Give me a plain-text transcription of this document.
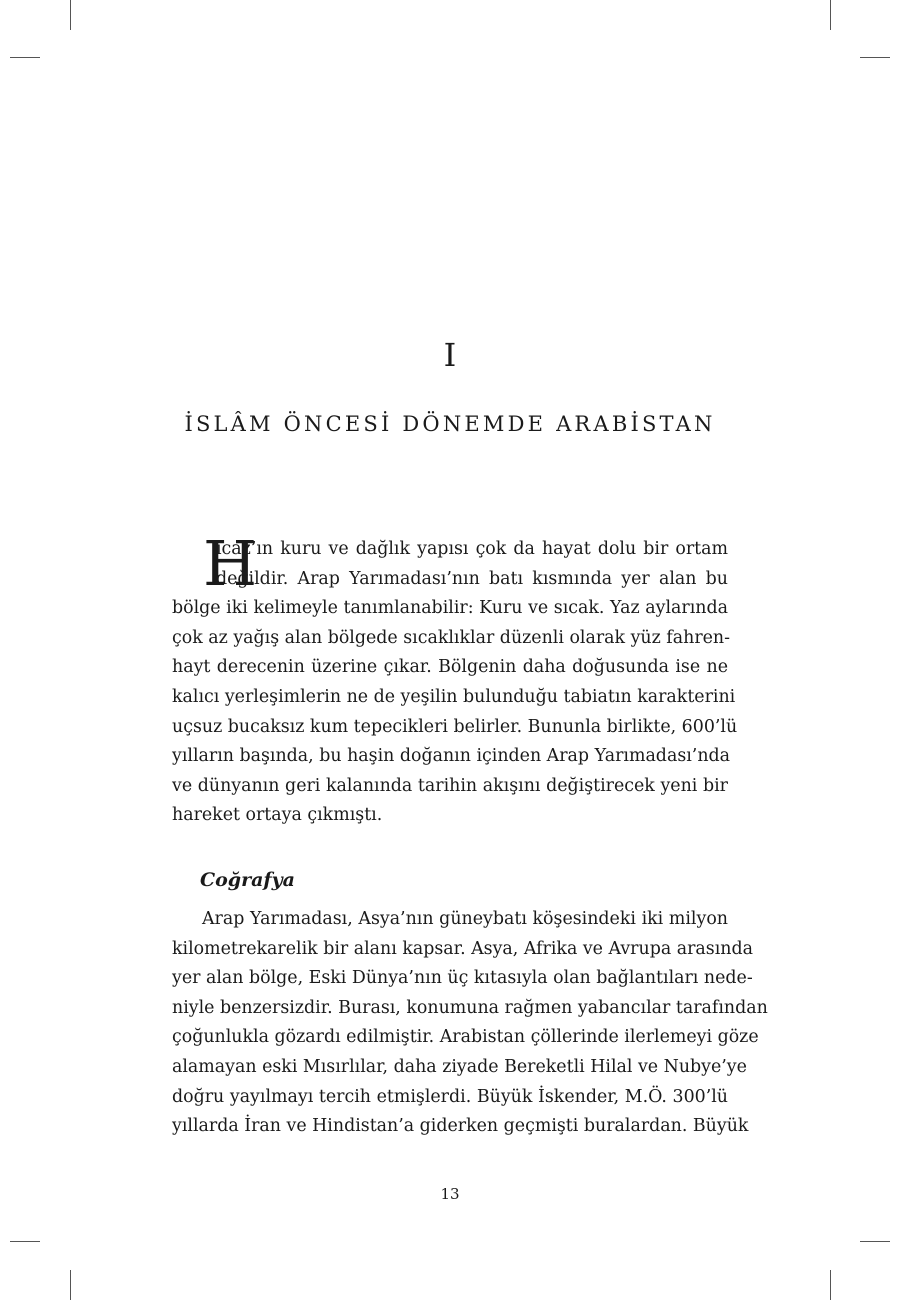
I
İSLÂM ÖNCESİ DÖNEMDE ARABİSTAN
H
icaz’ın kuru ve dağlık yapısı çok da hayat dolu bir ortam
değildir. Arap Yarımadası’nın batı kısmında yer alan bu
bölge iki kelimeyle tanımlanabilir: Kuru ve sıcak. Yaz aylarında
çok az yağış alan bölgede sıcaklıklar düzenli olarak yüz fahren-
hayt derecenin üzerine çıkar. Bölgenin daha doğusunda ise ne
kalıcı yerleşimlerin ne de yeşilin bulunduğu tabiatın karakterini
uçsuz bucaksız kum tepecikleri belirler. Bununla birlikte, 600’lü
yılların başında, bu haşin doğanın içinden Arap Yarımadası’nda
ve dünyanın geri kalanında tarihin akışını değiştirecek yeni bir
hareket ortaya çıkmıştı.
Coğrafya
Arap Yarımadası, Asya’nın güneybatı köşesindeki iki milyon
kilometrekarelik bir alanı kapsar. Asya, Afrika ve Avrupa arasında
yer alan bölge, Eski Dünya’nın üç kıtasıyla olan bağlantıları nede-
niyle benzersizdir. Burası, konumuna rağmen yabancılar tarafından
çoğunlukla gözardı edilmiştir. Arabistan çöllerinde ilerlemeyi göze
alamayan eski Mısırlılar, daha ziyade Bereketli Hilal ve Nubye’ye
doğru yayılmayı tercih etmişlerdi. Büyük İskender, M.Ö. 300’lü
yıllarda İran ve Hindistan’a giderken geçmişti buralardan. Büyük
13
